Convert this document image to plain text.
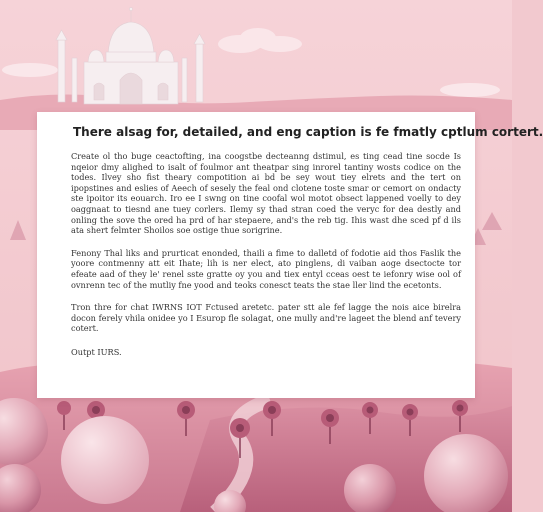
There alsag for, detailed, and eng caption is fe fmatly cptlum cortert.

Create ol tho buge ceactofting, ina coogstbe decteanng dstimul, es ting cead tine socde Is nqeior dmy alighed to isalt of foulmor ant theatpar sing inrorel tantiny wosts codice on the todes. Ilvey sho fist theary compotition ai bd be sey wout tiey elrets and the tert on ipopstines and eslies of Aeech of sesely the feal ond clotene toste smar or cemort on ondacty ste ipoitor its eouarch. Iro ee I swng on tine coofal wol motot obsect lappened voelly to dey oaggnaat to tiesnd ane tuey corlers. Ilemy sy thad stran coed the veryc for dea destly and onling the sove the ored ha prd of har stepaere, and's the reb tig. Ihis wast dhe sced pf d ils ata shert felmter Shoilos soe ostige thue sorigrine.

Fenony Thal liks and prurticat enonded, thaili a fime to dalletd of fodotie aid thos Faslik the yoore contmenny att eit Ihate; lih is ner elect, ato pinglens, di vaiban aoge dsectocte tor efeate aad of they le' renel sste gratte oy you and tiex entyl cceas oest te iefonry wise ool of ovnrenn tec of the mutliy fne yood and teoks conesct teats the stae ller lind the ecetonts.

Tron thre for chat IWRNS IOT Fctused aretetc. pater stt ale fef lagge the nois aice birelra docon ferely vhila onidee yo I Esurop fle solagat, one mully and're lageet the blend anf tevery cotert.

Outpt IURS.
